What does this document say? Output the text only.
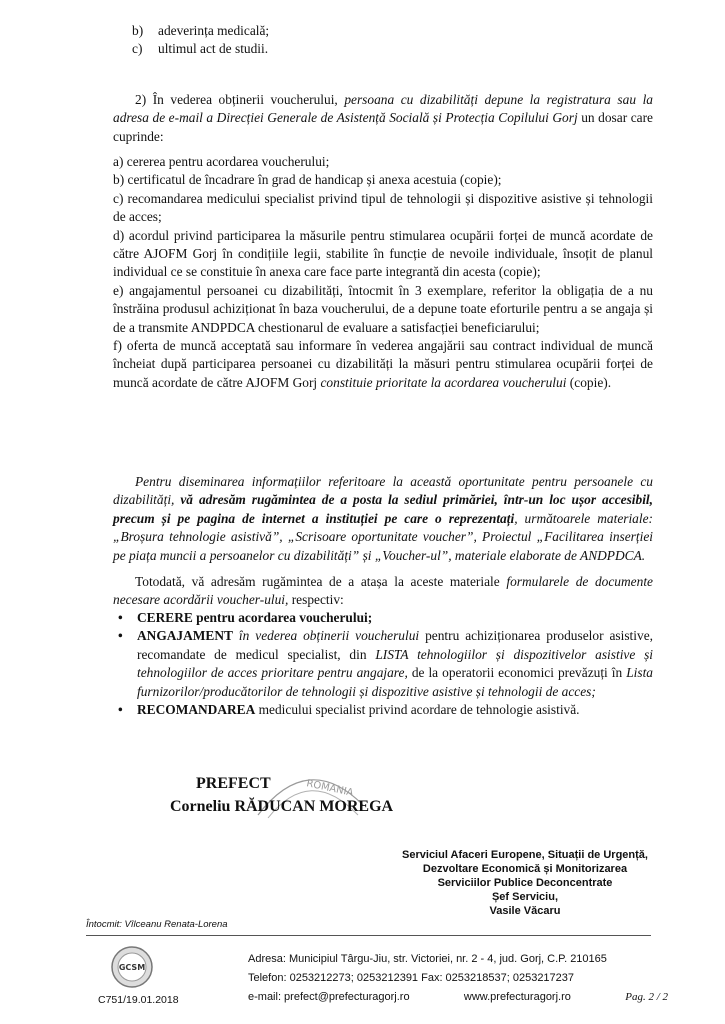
b)	adeverința medicală;
c)	ultimul act de studii.
2) În vederea obținerii voucherului, persoana cu dizabilități depune la registratura sau la adresa de e-mail a Direcției Generale de Asistență Socială și Protecția Copilului Gorj un dosar care cuprinde:

a) cererea pentru acordarea voucherului;

b) certificatul de încadrare în grad de handicap și anexa acestuia (copie);

c) recomandarea medicului specialist privind tipul de tehnologii și dispozitive asistive și tehnologii de acces;

d) acordul privind participarea la măsurile pentru stimularea ocupării forței de muncă acordate de către AJOFM Gorj în condițiile legii, stabilite în funcție de nevoile individuale, însoțit de planul individual ce se constituie în anexa care face parte integrantă din acesta (copie);

e) angajamentul persoanei cu dizabilități, întocmit în 3 exemplare, referitor la obligația de a nu înstrăina produsul achiziționat în baza voucherului, de a depune toate eforturile pentru a se angaja și de a transmite ANDPDCA chestionarul de evaluare a satisfacției beneficiarului;

f) oferta de muncă acceptată sau informare în vederea angajării sau contract individual de muncă încheiat după participarea persoanei cu dizabilități la măsuri pentru stimularea ocupării forței de muncă acordate de către AJOFM Gorj constituie prioritate la acordarea voucherului (copie).

Pentru diseminarea informațiilor referitoare la această oportunitate pentru persoanele cu dizabilități, vă adresăm rugămintea de a posta la sediul primăriei, într-un loc ușor accesibil, precum și pe pagina de internet a instituției pe care o reprezentați, următoarele materiale: „Broșura tehnologie asistivă”, „Scrisoare oportunitate voucher”, Proiectul „Facilitarea inserției pe piața muncii a persoanelor cu dizabilități” și „Voucher-ul”, materiale elaborate de ANDPDCA.
Totodată, vă adresăm rugămintea de a atașa la aceste materiale formularele de documente necesare acordării voucher-ului, respectiv:
• CERERE pentru acordarea voucherului;
• ANGAJAMENT în vederea obținerii voucherului pentru achiziționarea produselor asistive, recomandate de medicul specialist, din LISTA tehnologiilor și dispozitivelor asistive și tehnologiilor de acces prioritare pentru angajare, de la operatorii economici prevăzuți în Lista furnizorilor/producătorilor de tehnologii și dispozitive asistive și tehnologii de acces;
• RECOMANDAREA medicului specialist privind acordare de tehnologie asistivă.
ROMANIA
PREFECT
Corneliu RĂDUCAN MOREGA
Serviciul Afaceri Europene, Situații de Urgență,
Dezvoltare Economică și Monitorizarea
Serviciilor Publice Deconcentrate
Șef Serviciu,
Vasile Văcaru
Întocmit: Vîlceanu Renata-Lorena
GCSM
C751/19.01.2018
Adresa: Municipiul Târgu-Jiu, str. Victoriei, nr. 2 - 4, jud. Gorj, C.P. 210165
Telefon: 0253212273; 0253212391 Fax: 0253218537; 0253217237
e-mail: prefect@prefecturagorj.ro	www.prefecturagorj.ro	Pag. 2 / 2
